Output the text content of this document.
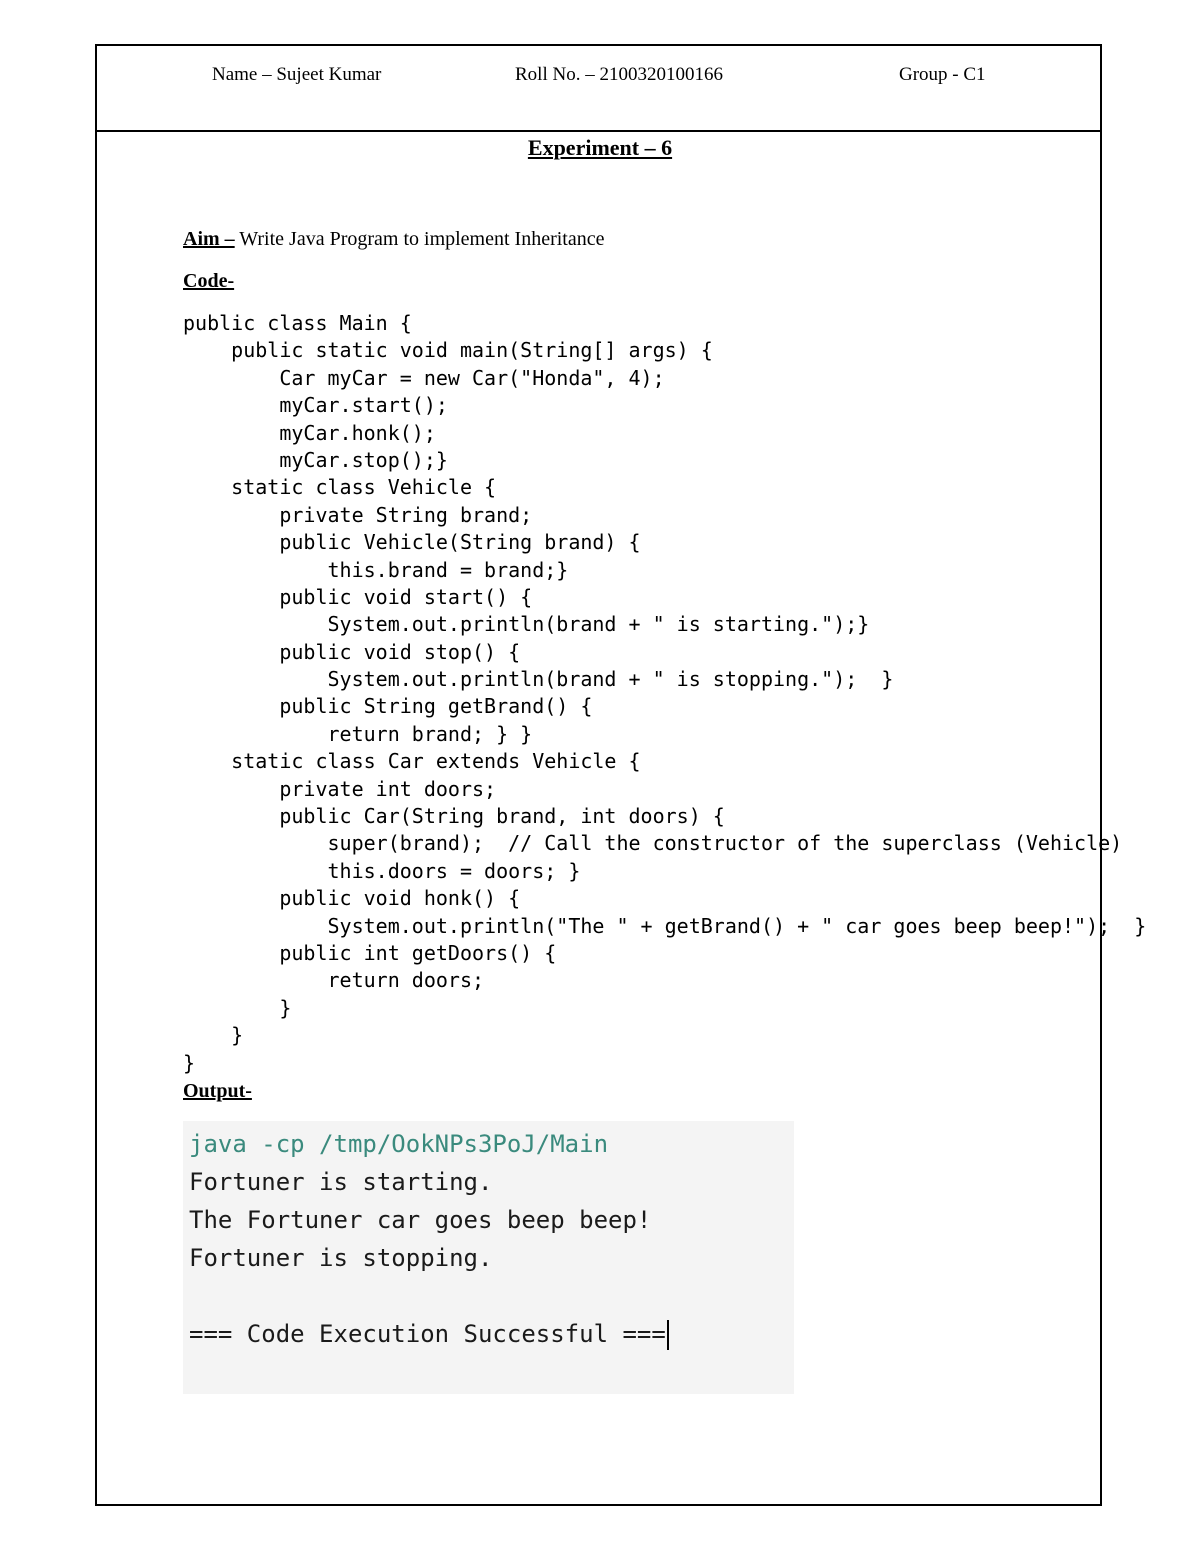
Name – Sujeet Kumar	Roll No. – 2100320100166	Group - C1
Experiment – 6
Aim – Write Java Program to implement Inheritance
Code-
public class Main {
public static void main(String[] args) {
Car myCar = new Car("Honda", 4);
myCar.start();
myCar.honk();
myCar.stop();}
static class Vehicle {
private String brand;
public Vehicle(String brand) {
this.brand = brand;}
public void start() {
System.out.println(brand + " is starting.");}
public void stop() {
System.out.println(brand + " is stopping.");  }
public String getBrand() {
return brand; } }
static class Car extends Vehicle {
private int doors;
public Car(String brand, int doors) {
super(brand);  // Call the constructor of the superclass (Vehicle)
this.doors = doors; }
public void honk() {
System.out.println("The " + getBrand() + " car goes beep beep!");  }
public int getDoors() {
return doors;
}
}
}
Output-
java -cp /tmp/OokNPs3PoJ/Main
Fortuner is starting.
The Fortuner car goes beep beep!
Fortuner is stopping.
=== Code Execution Successful ===
